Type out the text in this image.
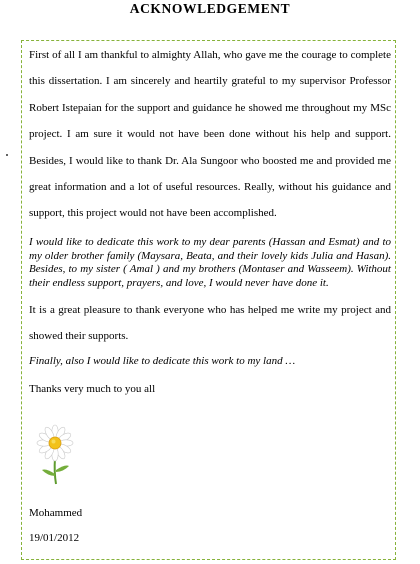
ACKNOWLEDGEMENT

First of all I am thankful to almighty Allah, who gave me the courage to complete this dissertation. I am sincerely and heartily grateful to my supervisor Professor Robert Istepaian for the support and guidance he showed me throughout my MSc project. I am sure it would not have been done without his help and support. Besides, I would like to thank Dr. Ala Sungoor who boosted me and provided me great information and a lot of useful resources. Really, without his guidance and support, this project would not have been accomplished.

I would like to dedicate this work to my dear parents (Hassan and Esmat) and to my older brother family (Maysara, Beata, and their lovely kids Julia and Hasan). Besides, to my sister ( Amal ) and my brothers (Montaser and Wasseem). Without their endless support, prayers, and love, I would never have done it.

It is a great pleasure to thank everyone who has helped me write my project and showed their supports.

Finally, also I would like to dedicate this work to my land …
Thanks very much to you all
Mohammed
19/01/2012
